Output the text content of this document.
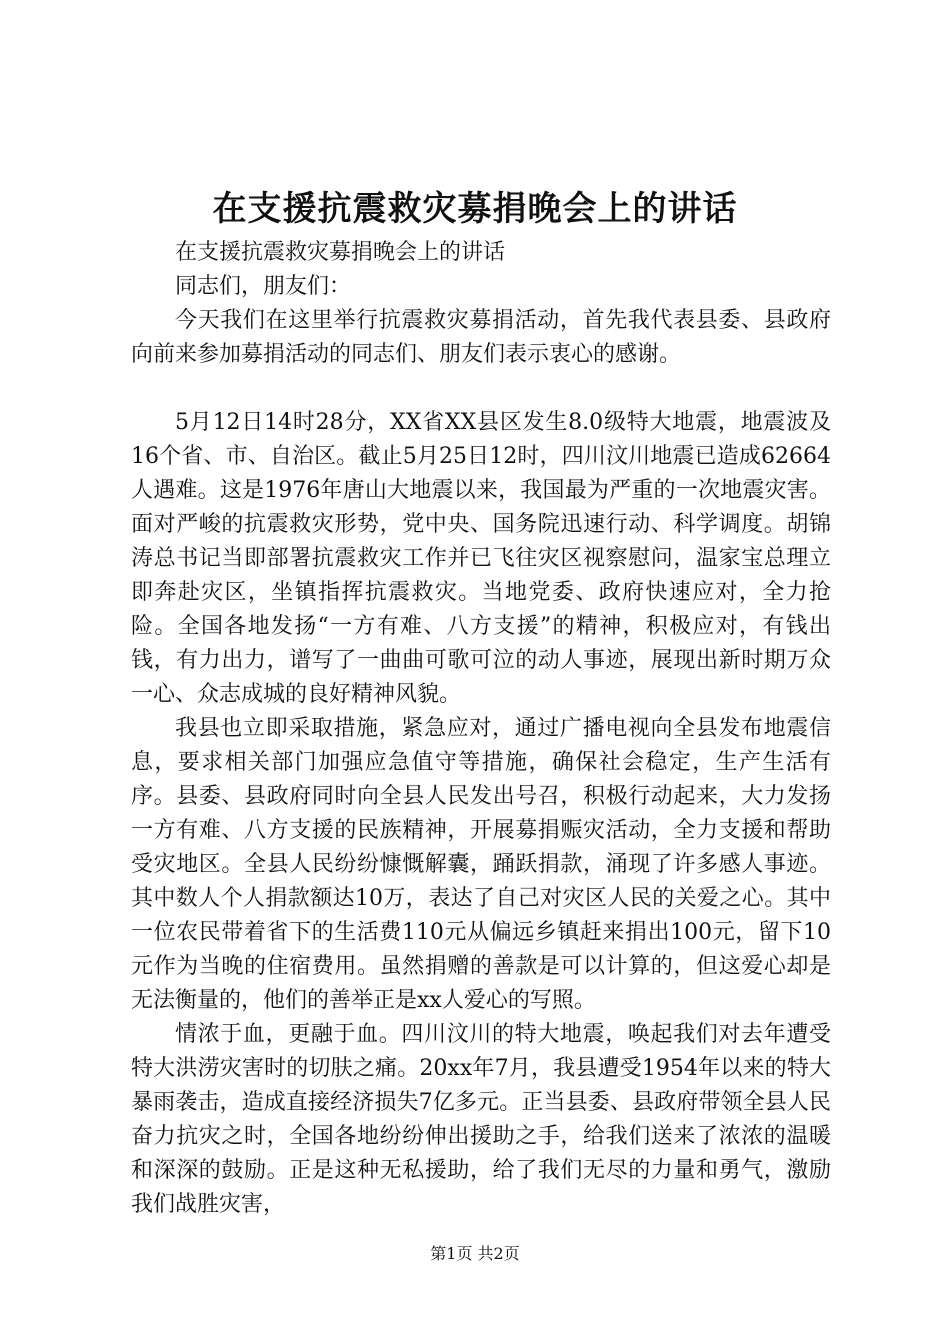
在支援抗震救灾募捐晚会上的讲话

在支援抗震救灾募捐晚会上的讲话

同志们，朋友们：

今天我们在这里举行抗震救灾募捐活动，首先我代表县委、县政府向前来参加募捐活动的同志们、朋友们表示衷心的感谢。

5月12日14时28分，XX省XX县区发生8.0级特大地震，地震波及16个省、市、自治区。截止5月25日12时，四川汶川地震已造成62664人遇难。这是1976年唐山大地震以来，我国最为严重的一次地震灾害。面对严峻的抗震救灾形势，党中央、国务院迅速行动、科学调度。胡锦涛总书记当即部署抗震救灾工作并已飞往灾区视察慰问，温家宝总理立即奔赴灾区，坐镇指挥抗震救灾。当地党委、政府快速应对，全力抢险。全国各地发扬“一方有难、八方支援”的精神，积极应对，有钱出钱，有力出力，谱写了一曲曲可歌可泣的动人事迹，展现出新时期万众一心、众志成城的良好精神风貌。

我县也立即采取措施，紧急应对，通过广播电视向全县发布地震信息，要求相关部门加强应急值守等措施，确保社会稳定，生产生活有序。县委、县政府同时向全县人民发出号召，积极行动起来，大力发扬一方有难、八方支援的民族精神，开展募捐赈灾活动，全力支援和帮助受灾地区。全县人民纷纷慷慨解囊，踊跃捐款，涌现了许多感人事迹。其中数人个人捐款额达10万，表达了自己对灾区人民的关爱之心。其中一位农民带着省下的生活费110元从偏远乡镇赶来捐出100元，留下10元作为当晚的住宿费用。虽然捐赠的善款是可以计算的，但这爱心却是无法衡量的，他们的善举正是xx人爱心的写照。

情浓于血，更融于血。四川汶川的特大地震，唤起我们对去年遭受特大洪涝灾害时的切肤之痛。20xx年7月，我县遭受1954年以来的特大暴雨袭击，造成直接经济损失7亿多元。正当县委、县政府带领全县人民奋力抗灾之时，全国各地纷纷伸出援助之手，给我们送来了浓浓的温暖和深深的鼓励。正是这种无私援助，给了我们无尽的力量和勇气，激励我们战胜灾害，

第1页 共2页
